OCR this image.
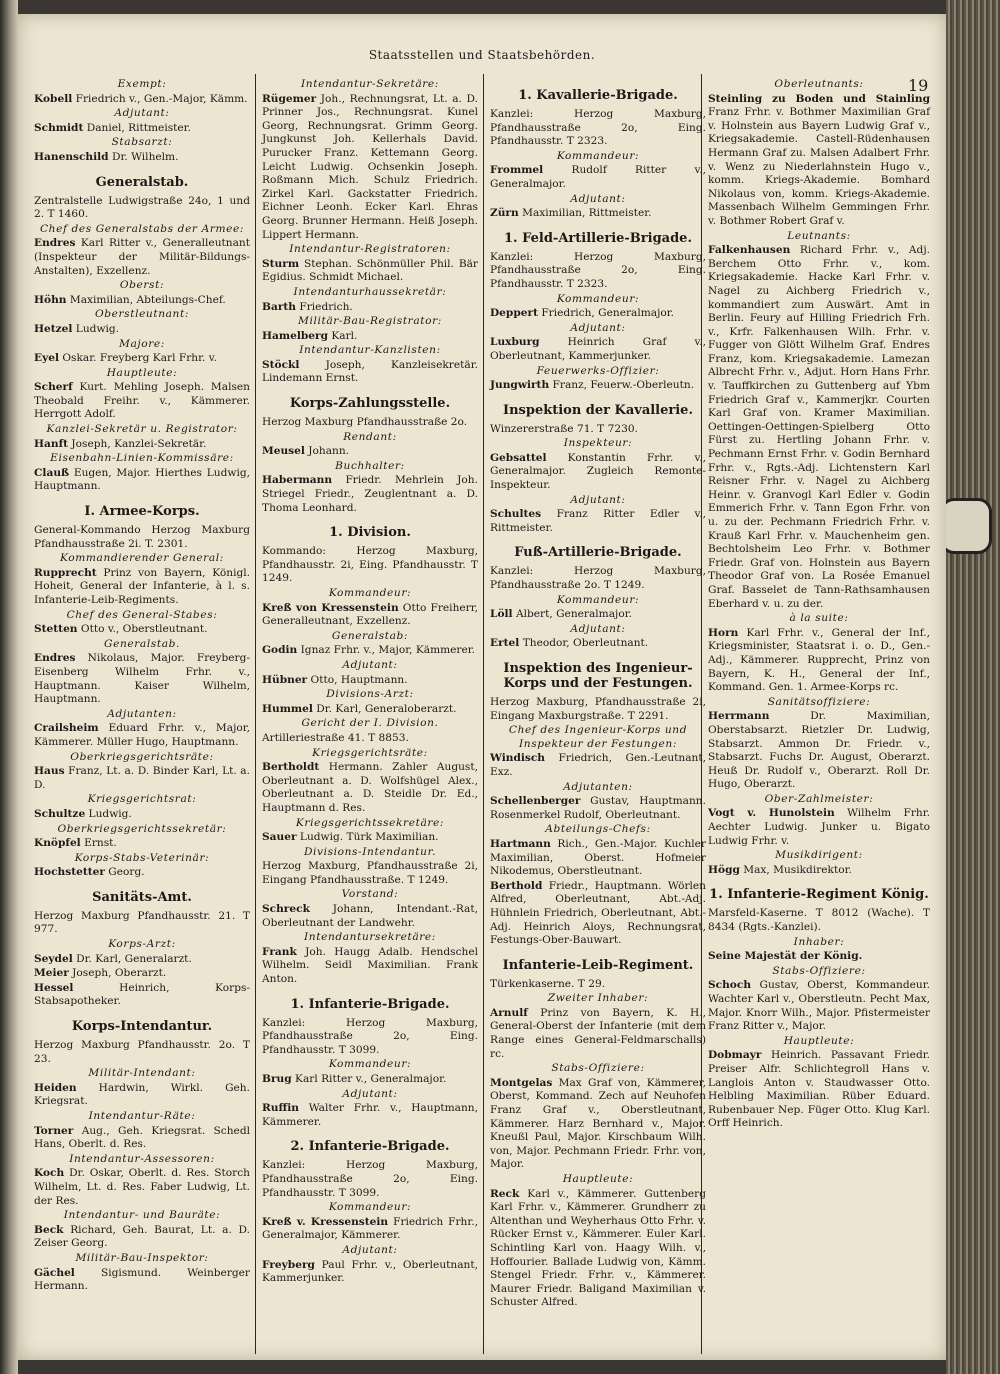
Staatsstellen und Staatsbehörden.
19

Exempt:

Kobell Friedrich v., Gen.-Major, Kämm.

Adjutant:

Schmidt Daniel, Rittmeister.

Stabsarzt:

Hanenschild Dr. Wilhelm.

Generalstab.

Zentralstelle Ludwigstraße 24o, 1 und 2. T 1460.

Chef des Generalstabs der Armee:

Endres Karl Ritter v., Generalleutnant (Inspekteur der Militär-Bildungs-Anstalten), Exzellenz.

Oberst:

Höhn Maximilian, Abteilungs-Chef.

Oberstleutnant:

Hetzel Ludwig.

Majore:

Eyel Oskar. Freyberg Karl Frhr. v.

Hauptleute:

Scherf Kurt. Mehling Joseph. Malsen Theobald Freihr. v., Kämmerer. Herrgott Adolf.

Kanzlei-Sekretär u. Registrator:

Hanft Joseph, Kanzlei-Sekretär.

Eisenbahn-Linien-Kommissäre:

Clauß Eugen, Major. Hierthes Ludwig, Hauptmann.

I. Armee-Korps.

General-Kommando Herzog Maxburg Pfandhausstraße 2i. T. 2301.

Kommandierender General:

Rupprecht Prinz von Bayern, Königl. Hoheit, General der Infanterie, à l. s. Infanterie-Leib-Regiments.

Chef des General-Stabes:

Stetten Otto v., Oberstleutnant.

Generalstab.

Endres Nikolaus, Major. Freyberg-Eisenberg Wilhelm Frhr. v., Hauptmann. Kaiser Wilhelm, Hauptmann.

Adjutanten:

Crailsheim Eduard Frhr. v., Major, Kämmerer. Müller Hugo, Hauptmann.

Oberkriegsgerichtsräte:

Haus Franz, Lt. a. D. Binder Karl, Lt. a. D.

Kriegsgerichtsrat:

Schultze Ludwig.

Oberkriegsgerichtssekretär:

Knöpfel Ernst.

Korps-Stabs-Veterinär:

Hochstetter Georg.

Sanitäts-Amt.

Herzog Maxburg Pfandhausstr. 21. T 977.

Korps-Arzt:

Seydel Dr. Karl, Generalarzt.

Meier Joseph, Oberarzt.

Hessel Heinrich, Korps-Stabsapotheker.

Korps-Intendantur.

Herzog Maxburg Pfandhausstr. 2o. T 23.

Militär-Intendant:

Heiden Hardwin, Wirkl. Geh. Kriegsrat.

Intendantur-Räte:

Torner Aug., Geh. Kriegsrat. Schedl Hans, Oberlt. d. Res.

Intendantur-Assessoren:

Koch Dr. Oskar, Oberlt. d. Res. Storch Wilhelm, Lt. d. Res. Faber Ludwig, Lt. der Res.

Intendantur- und Bauräte:

Beck Richard, Geh. Baurat, Lt. a. D. Zeiser Georg.

Militär-Bau-Inspektor:

Gächel Sigismund. Weinberger Hermann.

Intendantur-Sekretäre:

Rügemer Joh., Rechnungsrat, Lt. a. D. Prinner Jos., Rechnungsrat. Kunel Georg, Rechnungsrat. Grimm Georg. Jungkunst Joh. Kellerhals David. Purucker Franz. Kettemann Georg. Leicht Ludwig. Ochsenkin Joseph. Roßmann Mich. Schulz Friedrich. Zirkel Karl. Gackstatter Friedrich. Eichner Leonh. Ecker Karl. Ehras Georg. Brunner Hermann. Heiß Joseph. Lippert Hermann.

Intendantur-Registratoren:

Sturm Stephan. Schönmüller Phil. Bär Egidius. Schmidt Michael.

Intendanturhaussekretär:

Barth Friedrich.

Militär-Bau-Registrator:

Hamelberg Karl.

Intendantur-Kanzlisten:

Stöckl Joseph, Kanzleisekretär. Lindemann Ernst.

Korps-Zahlungsstelle.

Herzog Maxburg Pfandhausstraße 2o.

Rendant:

Meusel Johann.

Buchhalter:

Habermann Friedr. Mehrlein Joh. Striegel Friedr., Zeuglentnant a. D. Thoma Leonhard.

1. Division.

Kommando: Herzog Maxburg, Pfandhausstr. 2i, Eing. Pfandhausstr. T 1249.

Kommandeur:

Kreß von Kressenstein Otto Freiherr, Generalleutnant, Exzellenz.

Generalstab:

Godin Ignaz Frhr. v., Major, Kämmerer.

Adjutant:

Hübner Otto, Hauptmann.

Divisions-Arzt:

Hummel Dr. Karl, Generaloberarzt.

Gericht der I. Division.

Artilleriestraße 41. T 8853.

Kriegsgerichtsräte:

Bertholdt Hermann. Zahler August, Oberleutnant a. D. Wolfshügel Alex., Oberleutnant a. D. Steidle Dr. Ed., Hauptmann d. Res.

Kriegsgerichtssekretäre:

Sauer Ludwig. Türk Maximilian.

Divisions-Intendantur.

Herzog Maxburg, Pfandhausstraße 2i, Eingang Pfandhausstraße. T 1249.

Vorstand:

Schreck Johann, Intendant.-Rat, Oberleutnant der Landwehr.

Intendantursekretäre:

Frank Joh. Haugg Adalb. Hendschel Wilhelm. Seidl Maximilian. Frank Anton.

1. Infanterie-Brigade.

Kanzlei: Herzog Maxburg, Pfandhausstraße 2o, Eing. Pfandhausstr. T 3099.

Kommandeur:

Brug Karl Ritter v., Generalmajor.

Adjutant:

Ruffin Walter Frhr. v., Hauptmann, Kämmerer.

2. Infanterie-Brigade.

Kanzlei: Herzog Maxburg, Pfandhausstraße 2o, Eing. Pfandhausstr. T 3099.

Kommandeur:

Kreß v. Kressenstein Friedrich Frhr., Generalmajor, Kämmerer.

Adjutant:

Freyberg Paul Frhr. v., Oberleutnant, Kammerjunker.

1. Kavallerie-Brigade.

Kanzlei: Herzog Maxburg, Pfandhausstraße 2o, Eing. Pfandhausstr. T 2323.

Kommandeur:

Frommel Rudolf Ritter v., Generalmajor.

Adjutant:

Zürn Maximilian, Rittmeister.

1. Feld-Artillerie-Brigade.

Kanzlei: Herzog Maxburg, Pfandhausstraße 2o, Eing. Pfandhausstr. T 2323.

Kommandeur:

Deppert Friedrich, Generalmajor.

Adjutant:

Luxburg Heinrich Graf v., Oberleutnant, Kammerjunker.

Feuerwerks-Offizier:

Jungwirth Franz, Feuerw.-Oberleutn.

Inspektion der Kavallerie.

Winzererstraße 71. T 7230.

Inspekteur:

Gebsattel Konstantin Frhr. v., Generalmajor. Zugleich Remonte-Inspekteur.

Adjutant:

Schultes Franz Ritter Edler v., Rittmeister.

Fuß-Artillerie-Brigade.

Kanzlei: Herzog Maxburg, Pfandhausstraße 2o. T 1249.

Kommandeur:

Löll Albert, Generalmajor.

Adjutant:

Ertel Theodor, Oberleutnant.

Inspektion des Ingenieur-Korps und der Festungen.

Herzog Maxburg, Pfandhausstraße 2i, Eingang Maxburgstraße. T 2291.

Chef des Ingenieur-Korps und Inspekteur der Festungen:

Windisch Friedrich, Gen.-Leutnant, Exz.

Adjutanten:

Schellenberger Gustav, Hauptmann. Rosenmerkel Rudolf, Oberleutnant.

Abteilungs-Chefs:

Hartmann Rich., Gen.-Major. Kuchler Maximilian, Oberst. Hofmeier Nikodemus, Oberstleutnant.

Berthold Friedr., Hauptmann. Wörlen Alfred, Oberleutnant, Abt.-Adj. Hühnlein Friedrich, Oberleutnant, Abt.-Adj. Heinrich Aloys, Rechnungsrat, Festungs-Ober-Bauwart.

Infanterie-Leib-Regiment.

Türkenkaserne. T 29.

Zweiter Inhaber:

Arnulf Prinz von Bayern, K. H., General-Oberst der Infanterie (mit dem Range eines General-Feldmarschalls) rc.

Stabs-Offiziere:

Montgelas Max Graf von, Kämmerer, Oberst, Kommand. Zech auf Neuhofen Franz Graf v., Oberstleutnant, Kämmerer. Harz Bernhard v., Major. Kneußl Paul, Major. Kirschbaum Wilh. von, Major. Pechmann Friedr. Frhr. von, Major.

Hauptleute:

Reck Karl v., Kämmerer. Guttenberg Karl Frhr. v., Kämmerer. Grundherr zu Altenthan und Weyherhaus Otto Frhr. v. Rücker Ernst v., Kämmerer. Euler Karl. Schintling Karl von. Haagy Wilh. v., Hoffourier. Ballade Ludwig von, Kämm. Stengel Friedr. Frhr. v., Kämmerer. Maurer Friedr. Baligand Maximilian v. Schuster Alfred.

Oberleutnants:

Steinling zu Boden und Stainling Franz Frhr. v. Bothmer Maximilian Graf v. Holnstein aus Bayern Ludwig Graf v., Kriegsakademie. Castell-Rüdenhausen Hermann Graf zu. Malsen Adalbert Frhr. v. Wenz zu Niederlahnstein Hugo v., komm. Kriegs-Akademie. Bomhard Nikolaus von, komm. Kriegs-Akademie. Massenbach Wilhelm Gemmingen Frhr. v. Bothmer Robert Graf v.

Leutnants:

Falkenhausen Richard Frhr. v., Adj. Berchem Otto Frhr. v., kom. Kriegsakademie. Hacke Karl Frhr. v. Nagel zu Aichberg Friedrich v., kommandiert zum Auswärt. Amt in Berlin. Feury auf Hilling Friedrich Frh. v., Krfr. Falkenhausen Wilh. Frhr. v. Fugger von Glött Wilhelm Graf. Endres Franz, kom. Kriegsakademie. Lamezan Albrecht Frhr. v., Adjut. Horn Hans Frhr. v. Tauffkirchen zu Guttenberg auf Ybm Friedrich Graf v., Kammerjkr. Courten Karl Graf von. Kramer Maximilian. Oettingen-Oettingen-Spielberg Otto Fürst zu. Hertling Johann Frhr. v. Pechmann Ernst Frhr. v. Godin Bernhard Frhr. v., Rgts.-Adj. Lichtenstern Karl Reisner Frhr. v. Nagel zu Aichberg Heinr. v. Granvogl Karl Edler v. Godin Emmerich Frhr. v. Tann Egon Frhr. von u. zu der. Pechmann Friedrich Frhr. v. Krauß Karl Frhr. v. Mauchenheim gen. Bechtolsheim Leo Frhr. v. Bothmer Friedr. Graf von. Holnstein aus Bayern Theodor Graf von. La Rosée Emanuel Graf. Basselet de Tann-Rathsamhausen Eberhard v. u. zu der.

à la suite:

Horn Karl Frhr. v., General der Inf., Kriegsminister, Staatsrat i. o. D., Gen.-Adj., Kämmerer. Rupprecht, Prinz von Bayern, K. H., General der Inf., Kommand. Gen. 1. Armee-Korps rc.

Sanitätsoffiziere:

Herrmann Dr. Maximilian, Oberstabsarzt. Rietzler Dr. Ludwig, Stabsarzt. Ammon Dr. Friedr. v., Stabsarzt. Fuchs Dr. August, Oberarzt. Heuß Dr. Rudolf v., Oberarzt. Roll Dr. Hugo, Oberarzt.

Ober-Zahlmeister:

Vogt v. Hunolstein Wilhelm Frhr. Aechter Ludwig. Junker u. Bigato Ludwig Frhr. v.

Musikdirigent:

Högg Max, Musikdirektor.

1. Infanterie-Regiment König.

Marsfeld-Kaserne. T 8012 (Wache). T 8434 (Rgts.-Kanzlei).

Inhaber:

Seine Majestät der König.

Stabs-Offiziere:

Schoch Gustav, Oberst, Kommandeur. Wachter Karl v., Oberstleutn. Pecht Max, Major. Knorr Wilh., Major. Pfistermeister Franz Ritter v., Major.

Hauptleute:

Dobmayr Heinrich. Passavant Friedr. Preiser Alfr. Schlichtegroll Hans v. Langlois Anton v. Staudwasser Otto. Helbling Maximilian. Rüber Eduard. Rubenbauer Nep. Füger Otto. Klug Karl. Orff Heinrich.
